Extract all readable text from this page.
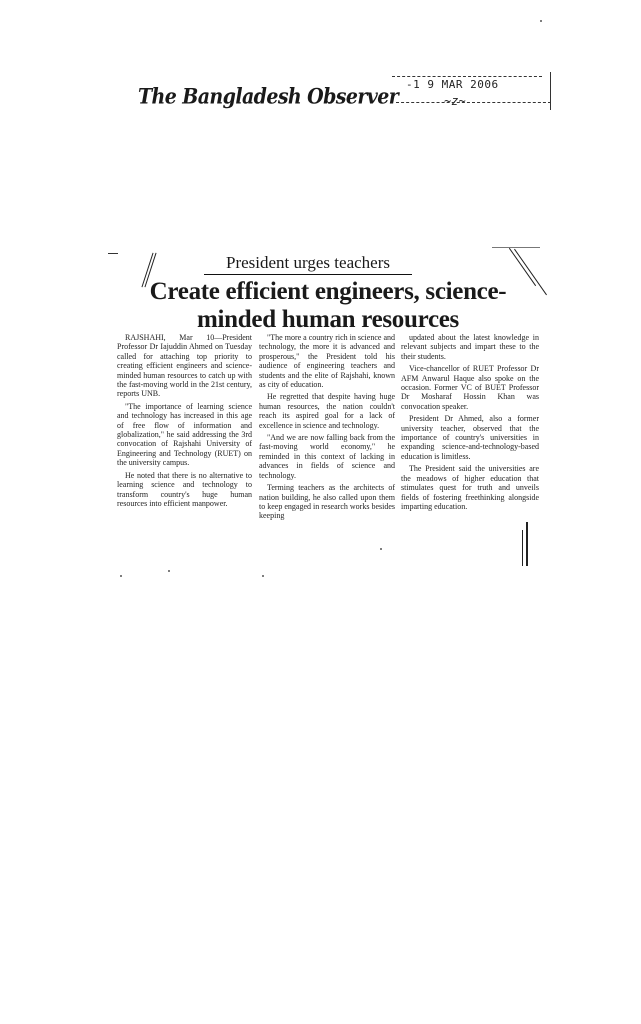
The Bangladesh Observer -1 9 MAR 2006
~z~
President urges teachers
Create efficient engineers, science-minded human resources

RAJSHAHI, Mar 10—President Professor Dr Iajuddin Ahmed on Tuesday called for attaching top priority to creating efficient engineers and science-minded human resources to catch up with the fast-moving world in the 21st century, reports UNB.

"The importance of learning science and technology has increased in this age of free flow of information and globalization," he said addressing the 3rd convocation of Rajshahi University of Engineering and Technology (RUET) on the university campus.

He noted that there is no alternative to learning science and technology to transform country's huge human resources into efficient manpower.

"The more a country rich in science and technology, the more it is advanced and prosperous," the President told his audience of engineering teachers and students and the elite of Rajshahi, known as city of education.

He regretted that despite having huge human resources, the nation couldn't reach its aspired goal for a lack of excellence in science and technology.

"And we are now falling back from the fast-moving world economy," he reminded in this context of lacking in advances in fields of science and technology.

Terming teachers as the architects of nation building, he also called upon them to keep engaged in research works besides keeping

updated about the latest knowledge in relevant subjects and impart these to the their students.

Vice-chancellor of RUET Professor Dr AFM Anwarul Haque also spoke on the occasion. Former VC of BUET Professor Dr Mosharaf Hossin Khan was convocation speaker.

President Dr Ahmed, also a former university teacher, observed that the importance of country's universities in expanding science-and-technology-based education is limitless.

The President said the universities are the meadows of higher education that stimulates quest for truth and unveils fields of fostering freethinking alongside imparting education.
